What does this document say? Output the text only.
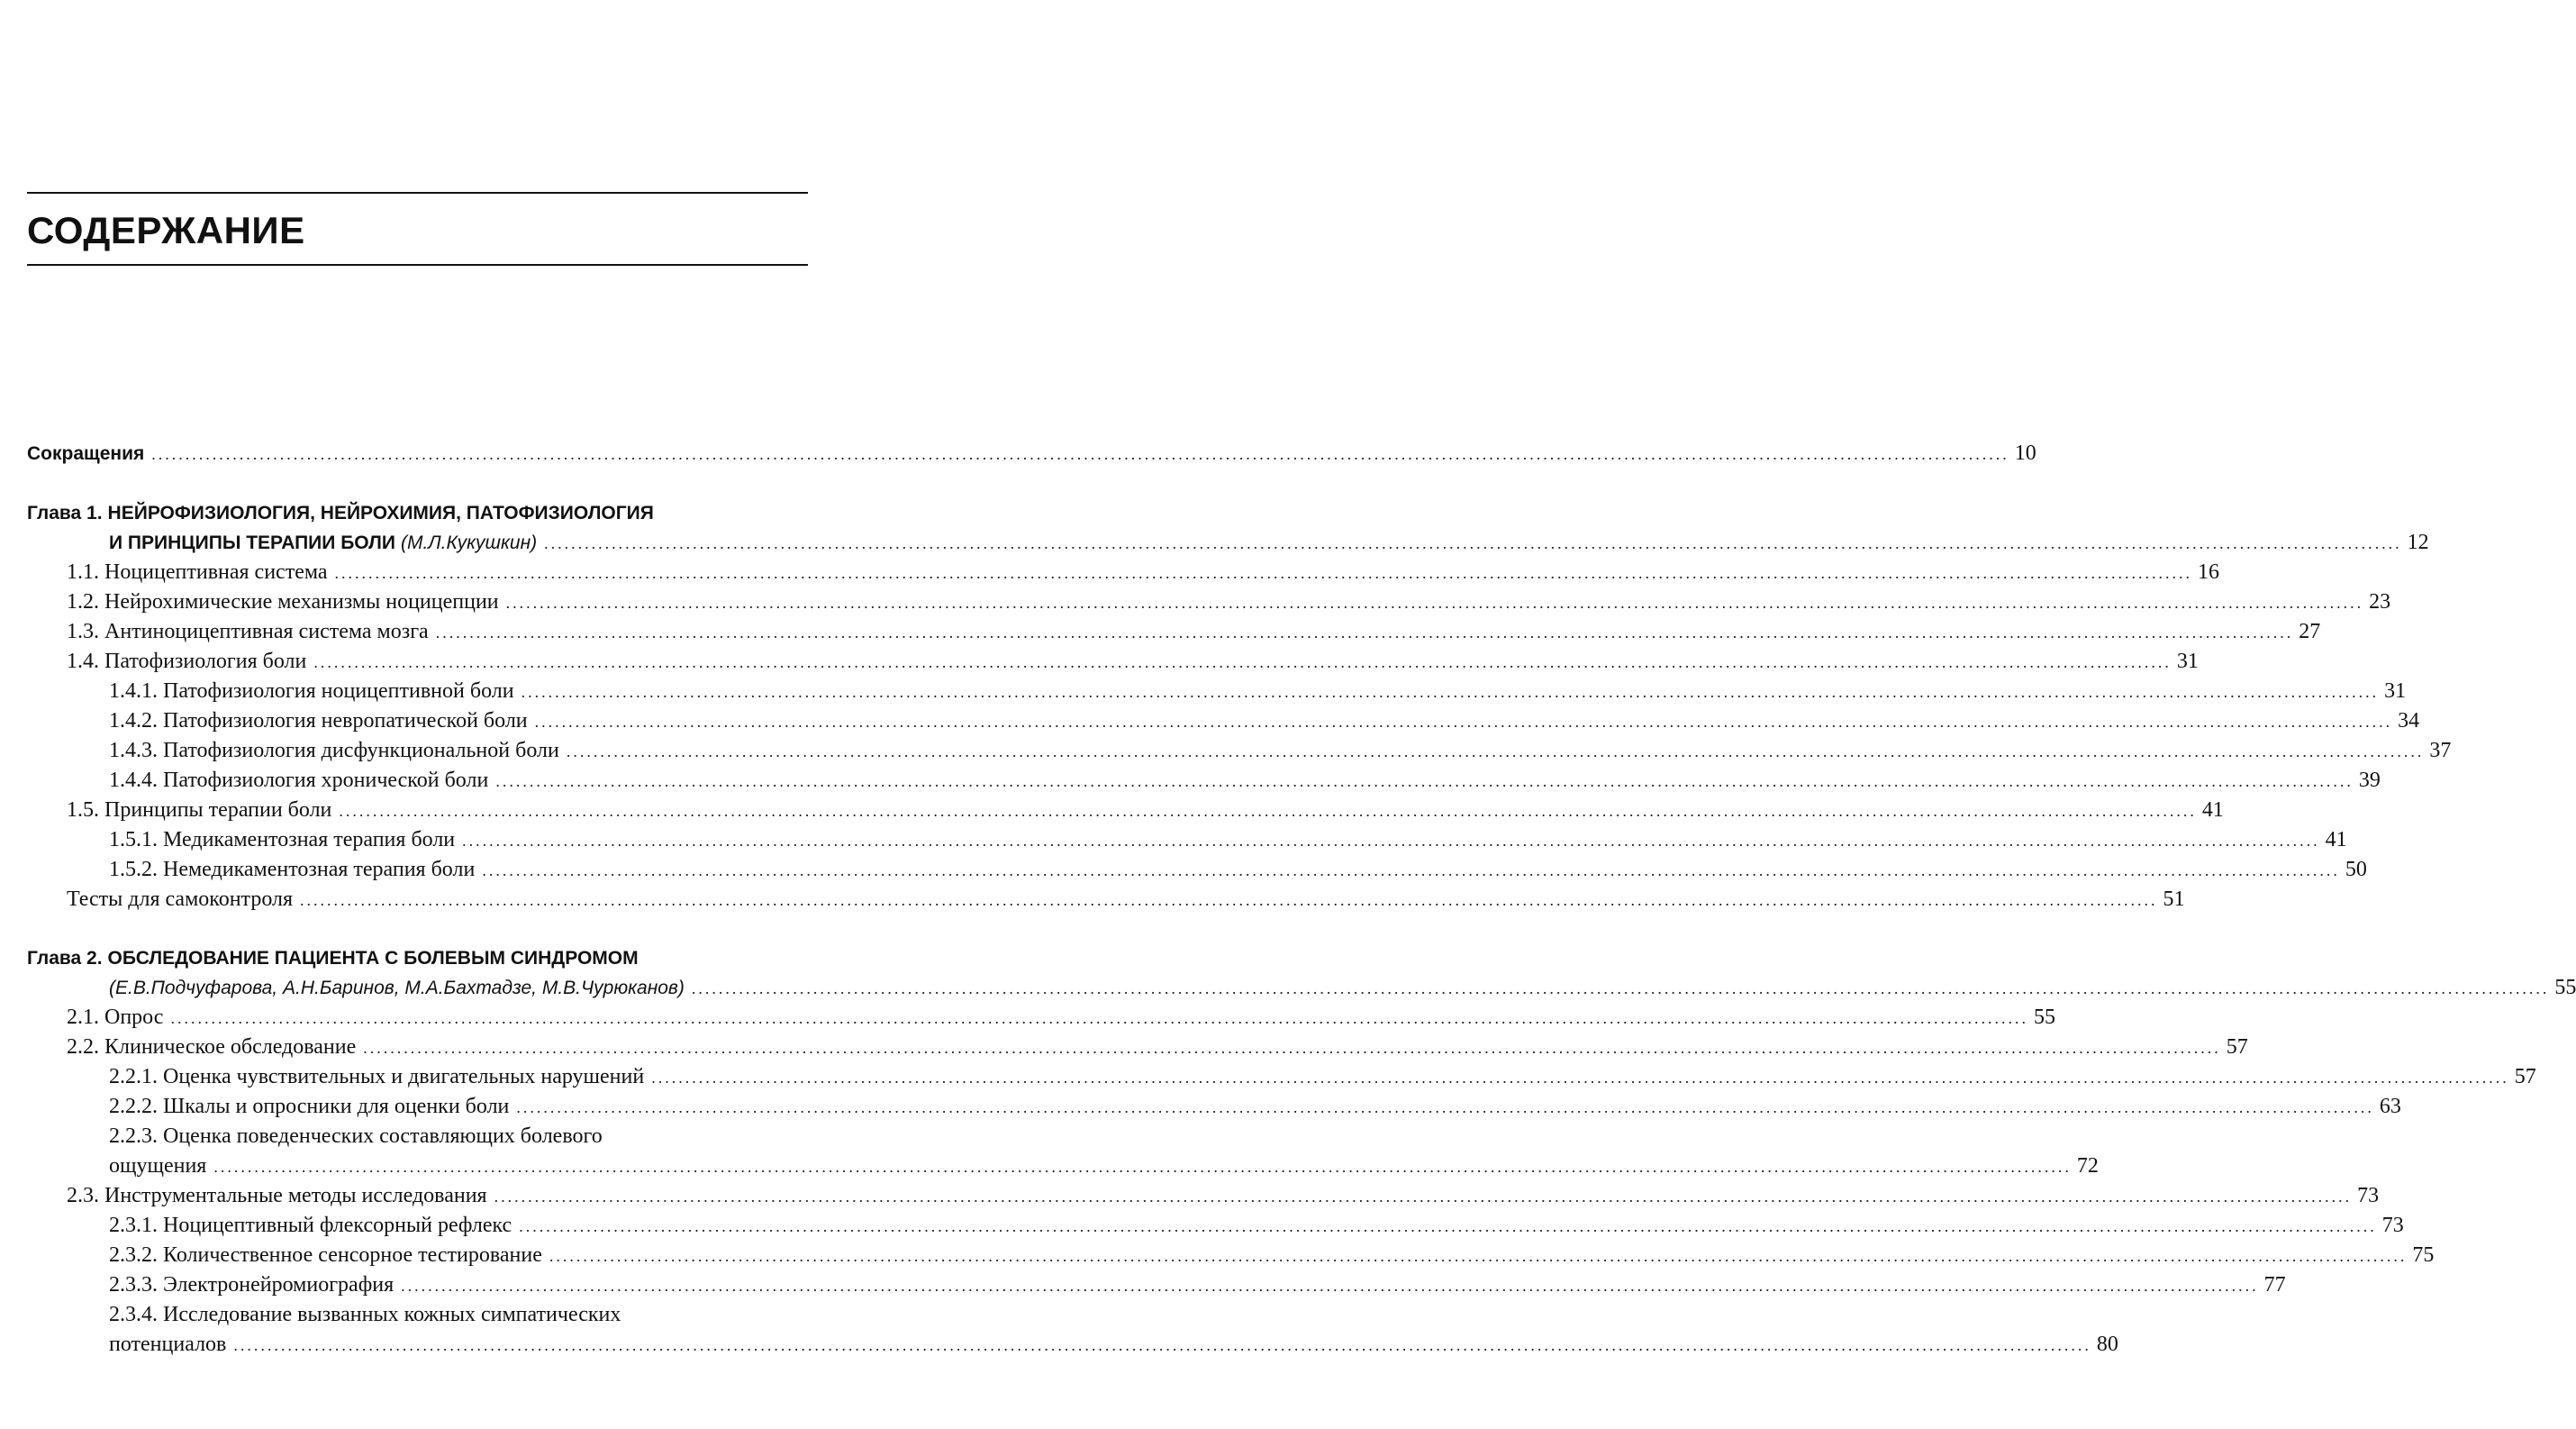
СОДЕРЖАНИЕ
Сокращения .....	10
Глава 1. НЕЙРОФИЗИОЛОГИЯ, НЕЙРОХИМИЯ, ПАТОФИЗИОЛОГИЯ
И ПРИНЦИПЫ ТЕРАПИИ БОЛИ (М.Л.Кукушкин) .....	12
1.1. Ноцицептивная система .....	16
1.2. Нейрохимические механизмы ноцицепции .....	23
1.3. Антиноцицептивная система мозга .....	27
1.4. Патофизиология боли .....	31
1.4.1. Патофизиология ноцицептивной боли .....	31
1.4.2. Патофизиология невропатической боли .....	34
1.4.3. Патофизиология дисфункциональной боли .....	37
1.4.4. Патофизиология хронической боли .....	39
1.5. Принципы терапии боли .....	41
1.5.1. Медикаментозная терапия боли .....	41
1.5.2. Немедикаментозная терапия боли .....	50
Тесты для самоконтроля .....	51
Глава 2. ОБСЛЕДОВАНИЕ ПАЦИЕНТА С БОЛЕВЫМ СИНДРОМОМ
(Е.В.Подчуфарова, А.Н.Баринов, М.А.Бахтадзе, М.В.Чурюканов) .....	55
2.1. Опрос .....	55
2.2. Клиническое обследование .....	57
2.2.1. Оценка чувствительных и двигательных нарушений .....	57
2.2.2. Шкалы и опросники для оценки боли .....	63
2.2.3. Оценка поведенческих составляющих болевого
ощущения .....	72
2.3. Инструментальные методы исследования .....	73
2.3.1. Ноцицептивный флексорный рефлекс .....	73
2.3.2. Количественное сенсорное тестирование .....	75
2.3.3. Электронейромиография .....	77
2.3.4. Исследование вызванных кожных симпатических
потенциалов .....	80
